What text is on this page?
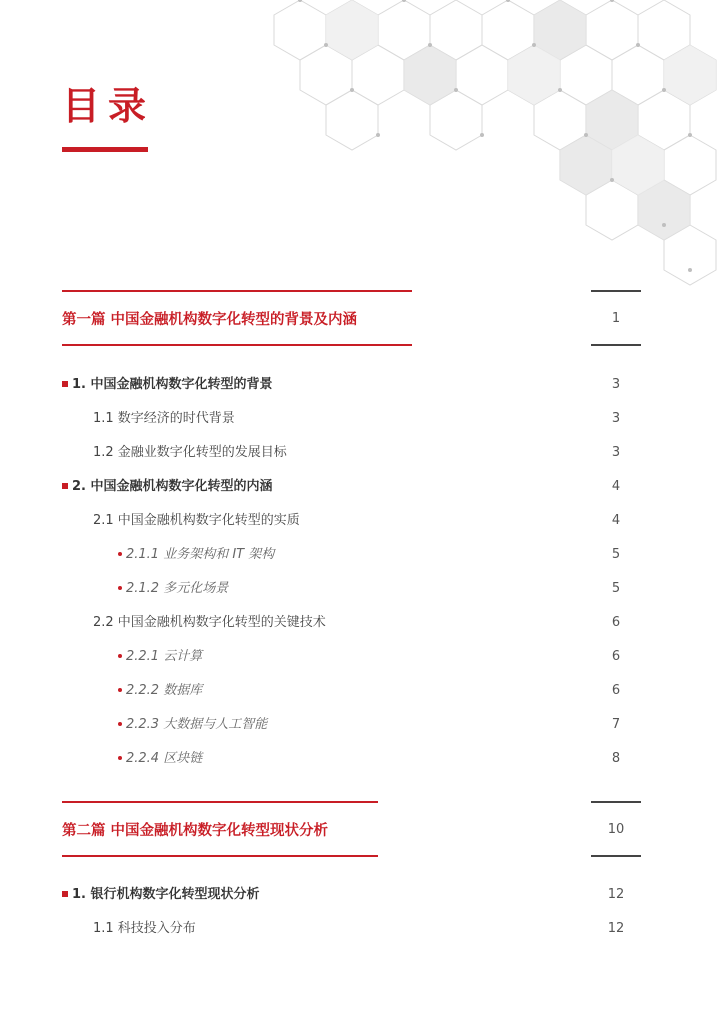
目录
第一篇 中国金融机构数字化转型的背景及内涵	1
1. 中国金融机构数字化转型的背景	3
1.1 数字经济的时代背景	3
1.2 金融业数字化转型的发展目标	3
2. 中国金融机构数字化转型的内涵	4
2.1 中国金融机构数字化转型的实质	4
2.1.1 业务架构和 IT 架构	5
2.1.2 多元化场景	5
2.2 中国金融机构数字化转型的关键技术	6
2.2.1 云计算	6
2.2.2 数据库	6
2.2.3 大数据与人工智能	7
2.2.4 区块链	8
第二篇 中国金融机构数字化转型现状分析	10
1. 银行机构数字化转型现状分析	12
1.1 科技投入分布	12
